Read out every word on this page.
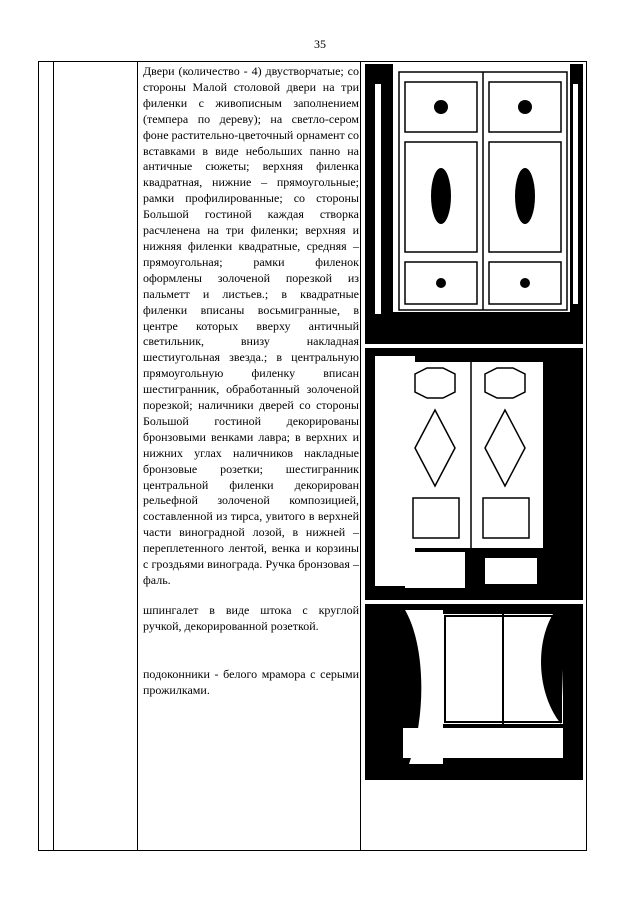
35

Двери (количество - 4) двустворчатые; со стороны Малой столовой двери на три филенки с живописным заполнением (темпера по дереву); на светло-сером фоне растительно-цветочный орнамент со вставками в виде небольших панно на античные сюжеты; верхняя филенка квадратная, нижние – прямоугольные; рамки профилированные; со стороны Большой гостиной каждая створка расчленена на три филенки; верхняя и нижняя филенки квадратные, средняя – прямоугольная; рамки филенок оформлены золоченой порезкой из пальметт и листьев.; в квадратные филенки вписаны восьмигранные, в центре которых вверху античный светильник, внизу накладная шестиугольная звезда.; в центральную прямоугольную филенку вписан шестигранник, обработанный золоченой порезкой; наличники дверей со стороны Большой гостиной декорированы бронзовыми венками лавра; в верхних и нижних углах наличников накладные бронзовые розетки; шестигранник центральной филенки декорирован рельефной золоченой композицией, составленной из тирса, увитого в верхней части виноградной лозой, в нижней – переплетенного лентой, венка и корзины с гроздьями винограда. Ручка бронзовая – фаль.

шпингалет в виде штока с круглой ручкой, декорированной розеткой.

подоконники - белого мрамора с серыми прожилками.
